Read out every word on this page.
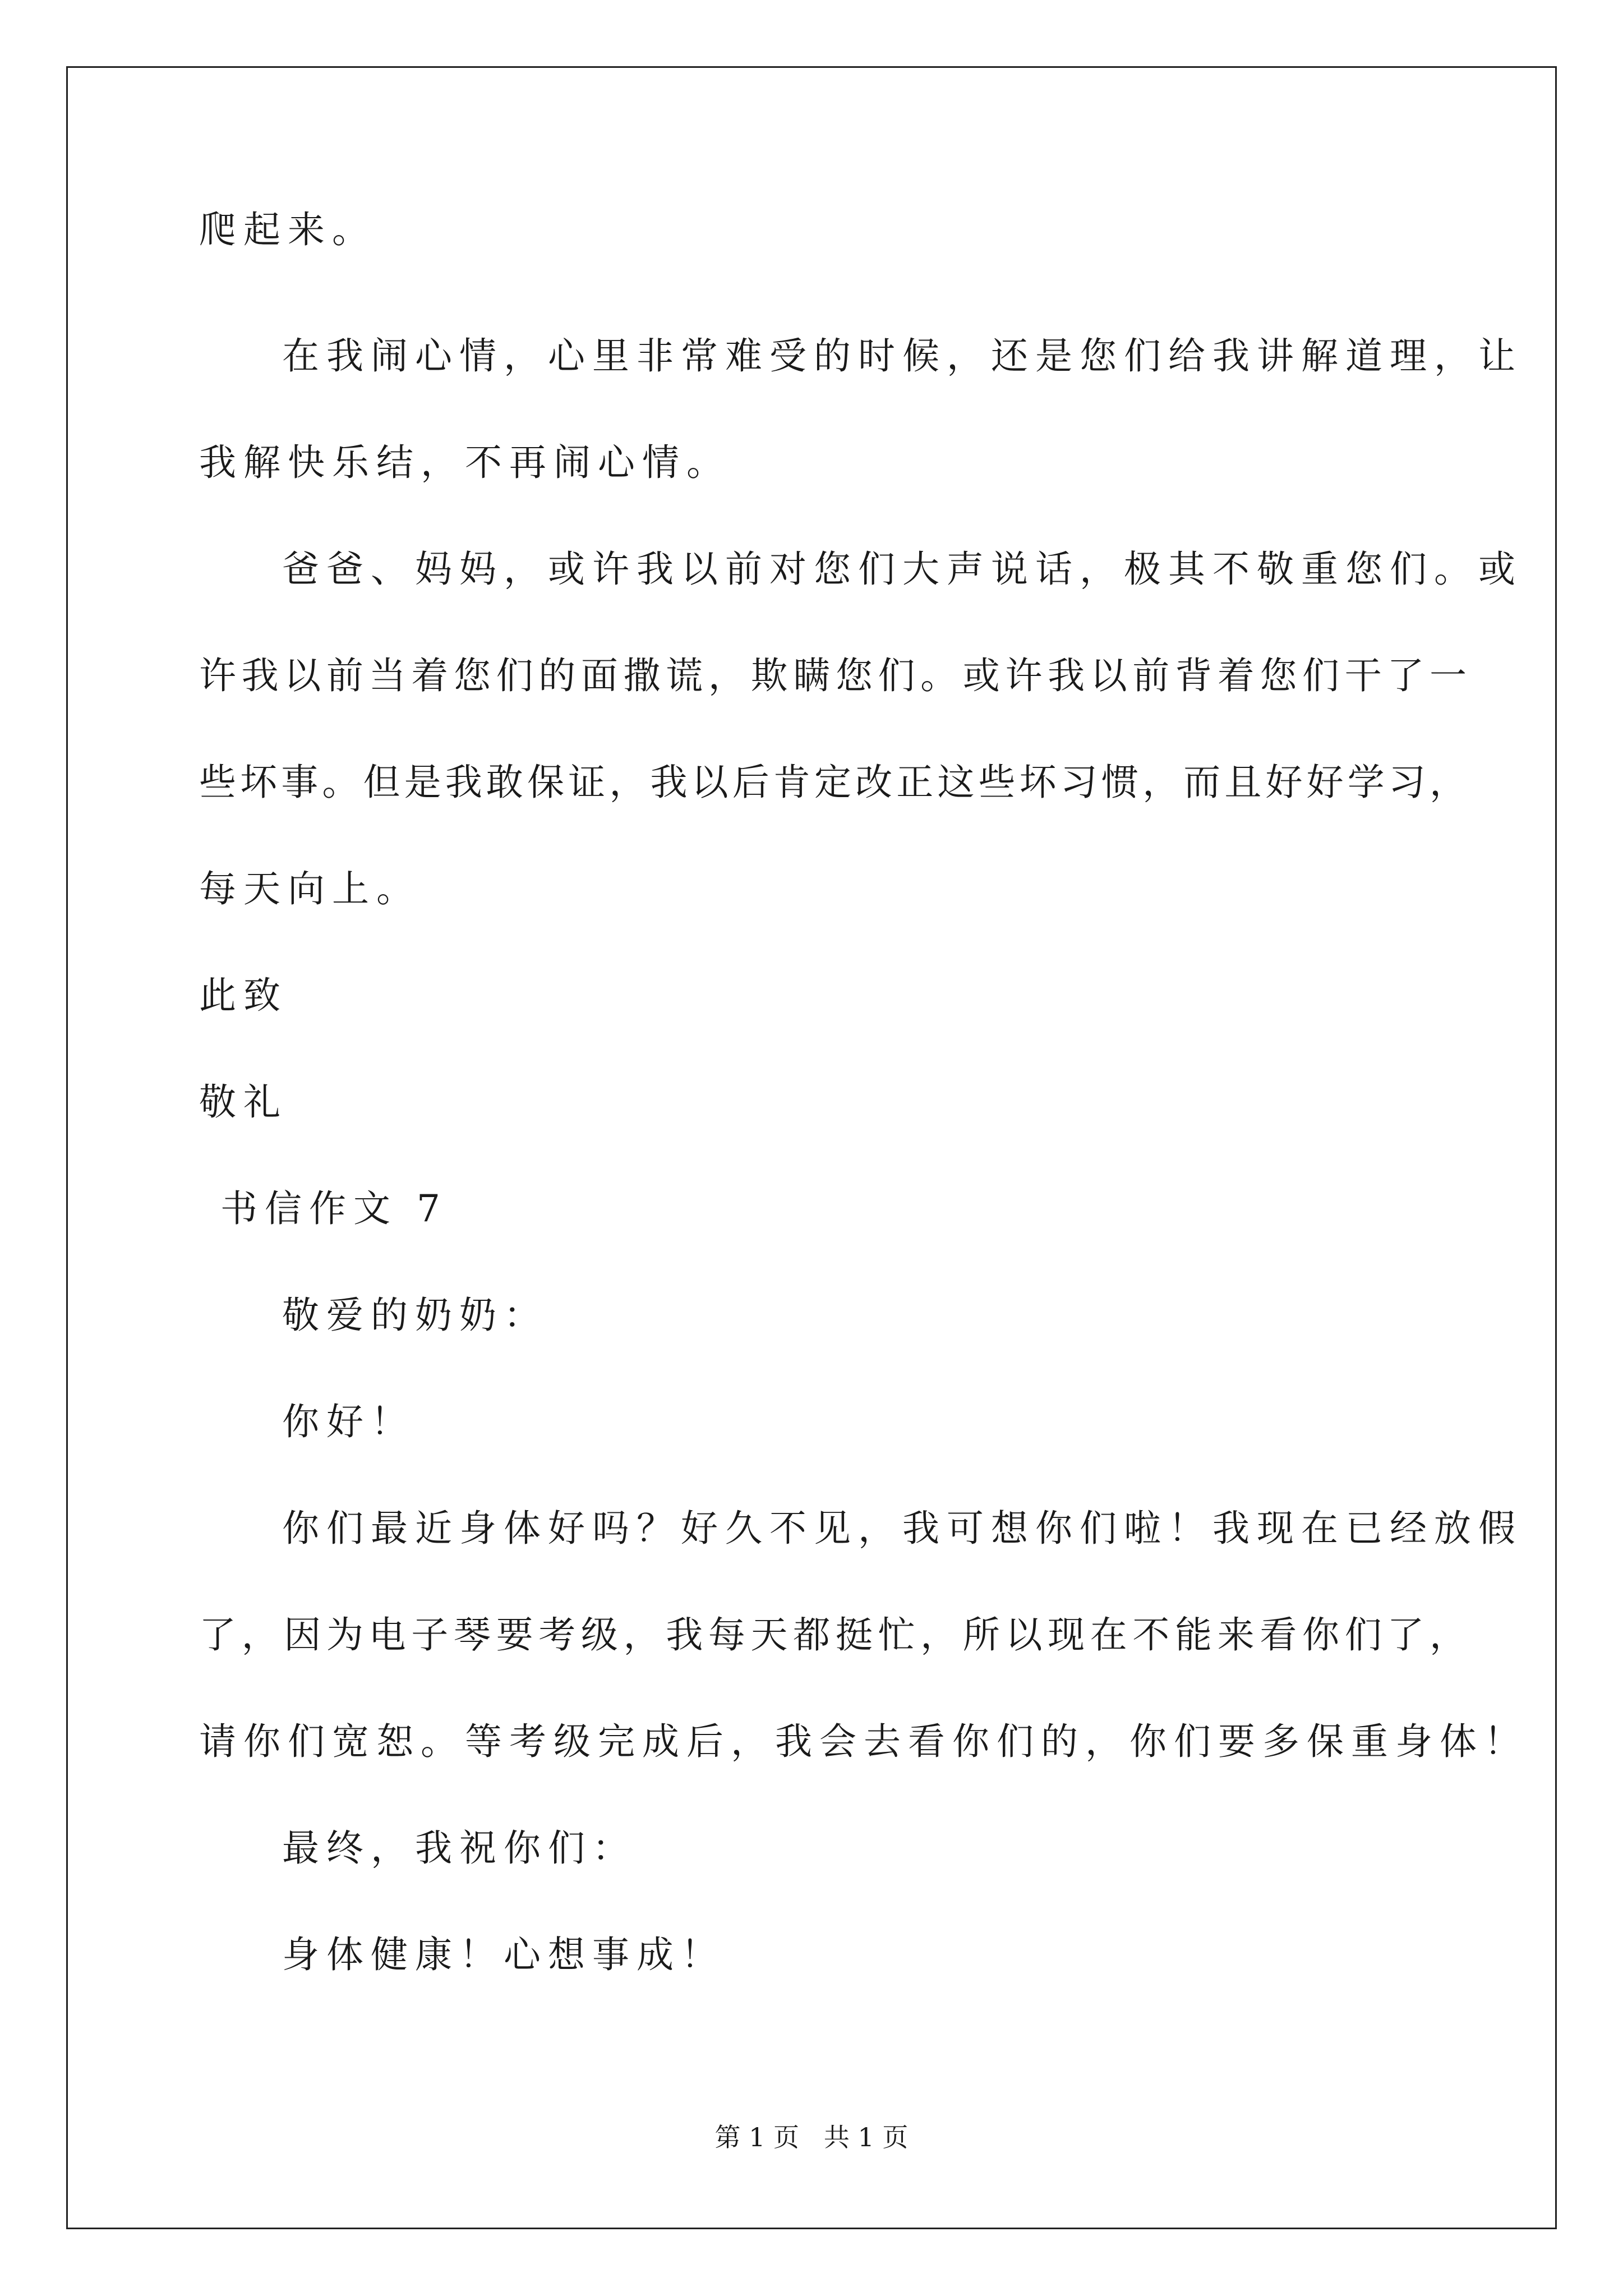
爬起来。
在我闹心情，心里非常难受的时候，还是您们给我讲解道理，让
我解快乐结，不再闹心情。
爸爸、妈妈，或许我以前对您们大声说话，极其不敬重您们。或
许我以前当着您们的面撒谎，欺瞒您们。或许我以前背着您们干了一
些坏事。但是我敢保证，我以后肯定改正这些坏习惯，而且好好学习，
每天向上。
此致
敬礼
书信作文 7
敬爱的奶奶：
你好！
你们最近身体好吗？好久不见，我可想你们啦！我现在已经放假
了，因为电子琴要考级，我每天都挺忙，所以现在不能来看你们了，
请你们宽恕。等考级完成后，我会去看你们的，你们要多保重身体！
最终，我祝你们：
身体健康！心想事成！
第 1 页   共 1 页
